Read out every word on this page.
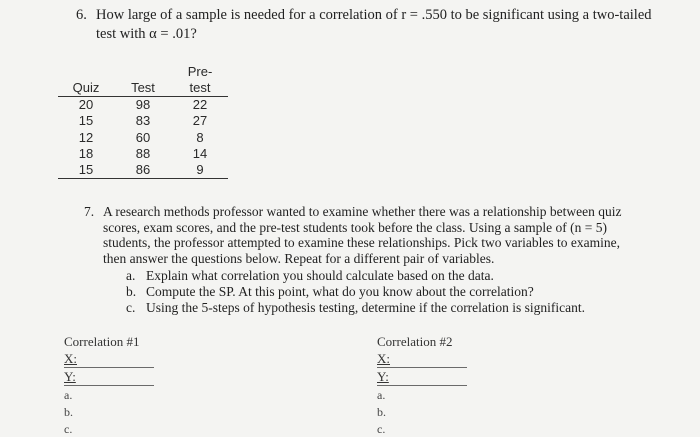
6. How large of a sample is needed for a correlation of r = .550 to be significant using a two-tailed
test with α = .01?
		Pre-
Quiz	Test	test
20	98	22
15	83	27
12	60	8
18	88	14
15	86	9
7. A research methods professor wanted to examine whether there was a relationship between quiz
scores, exam scores, and the pre-test students took before the class. Using a sample of (n = 5)
students, the professor attempted to examine these relationships. Pick two variables to examine,
then answer the questions below. Repeat for a different pair of variables.
a. Explain what correlation you should calculate based on the data.
b. Compute the SP. At this point, what do you know about the correlation?
c. Using the 5-steps of hypothesis testing, determine if the correlation is significant.
Correlation #1
X:
Y:
a.
b.
c.
Correlation #2
X:
Y:
a.
b.
c.
